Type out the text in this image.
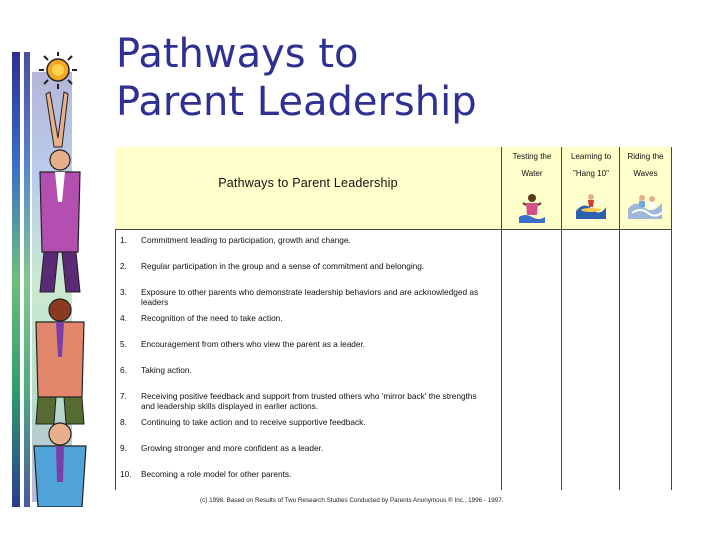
Pathways to
Parent Leadership
Pathways to Parent Leadership
Testing the
Water
Learning to
"Hang 10"
Riding the
Waves
1. Commitment leading to participation, growth and change.
2. Regular participation in the group and a sense of commitment and belonging.
3. Exposure to other parents who demonstrate leadership behaviors and are acknowledged as leaders
4. Recognition of the need to take action.
5. Encouragement from others who view the parent as a leader.
6. Taking action.
7. Receiving positive feedback and support from trusted others who 'mirror back' the strengths and leadership skills displayed in earlier actions.
8. Continuing to take action and to receive supportive feedback.
9. Growing stronger and more confident as a leader.
10. Becoming a role model for other parents.
(c) 1998, Based on Results of Two Research Studies Conducted by Parents Anonymous ® Inc., 1996 - 1997.
